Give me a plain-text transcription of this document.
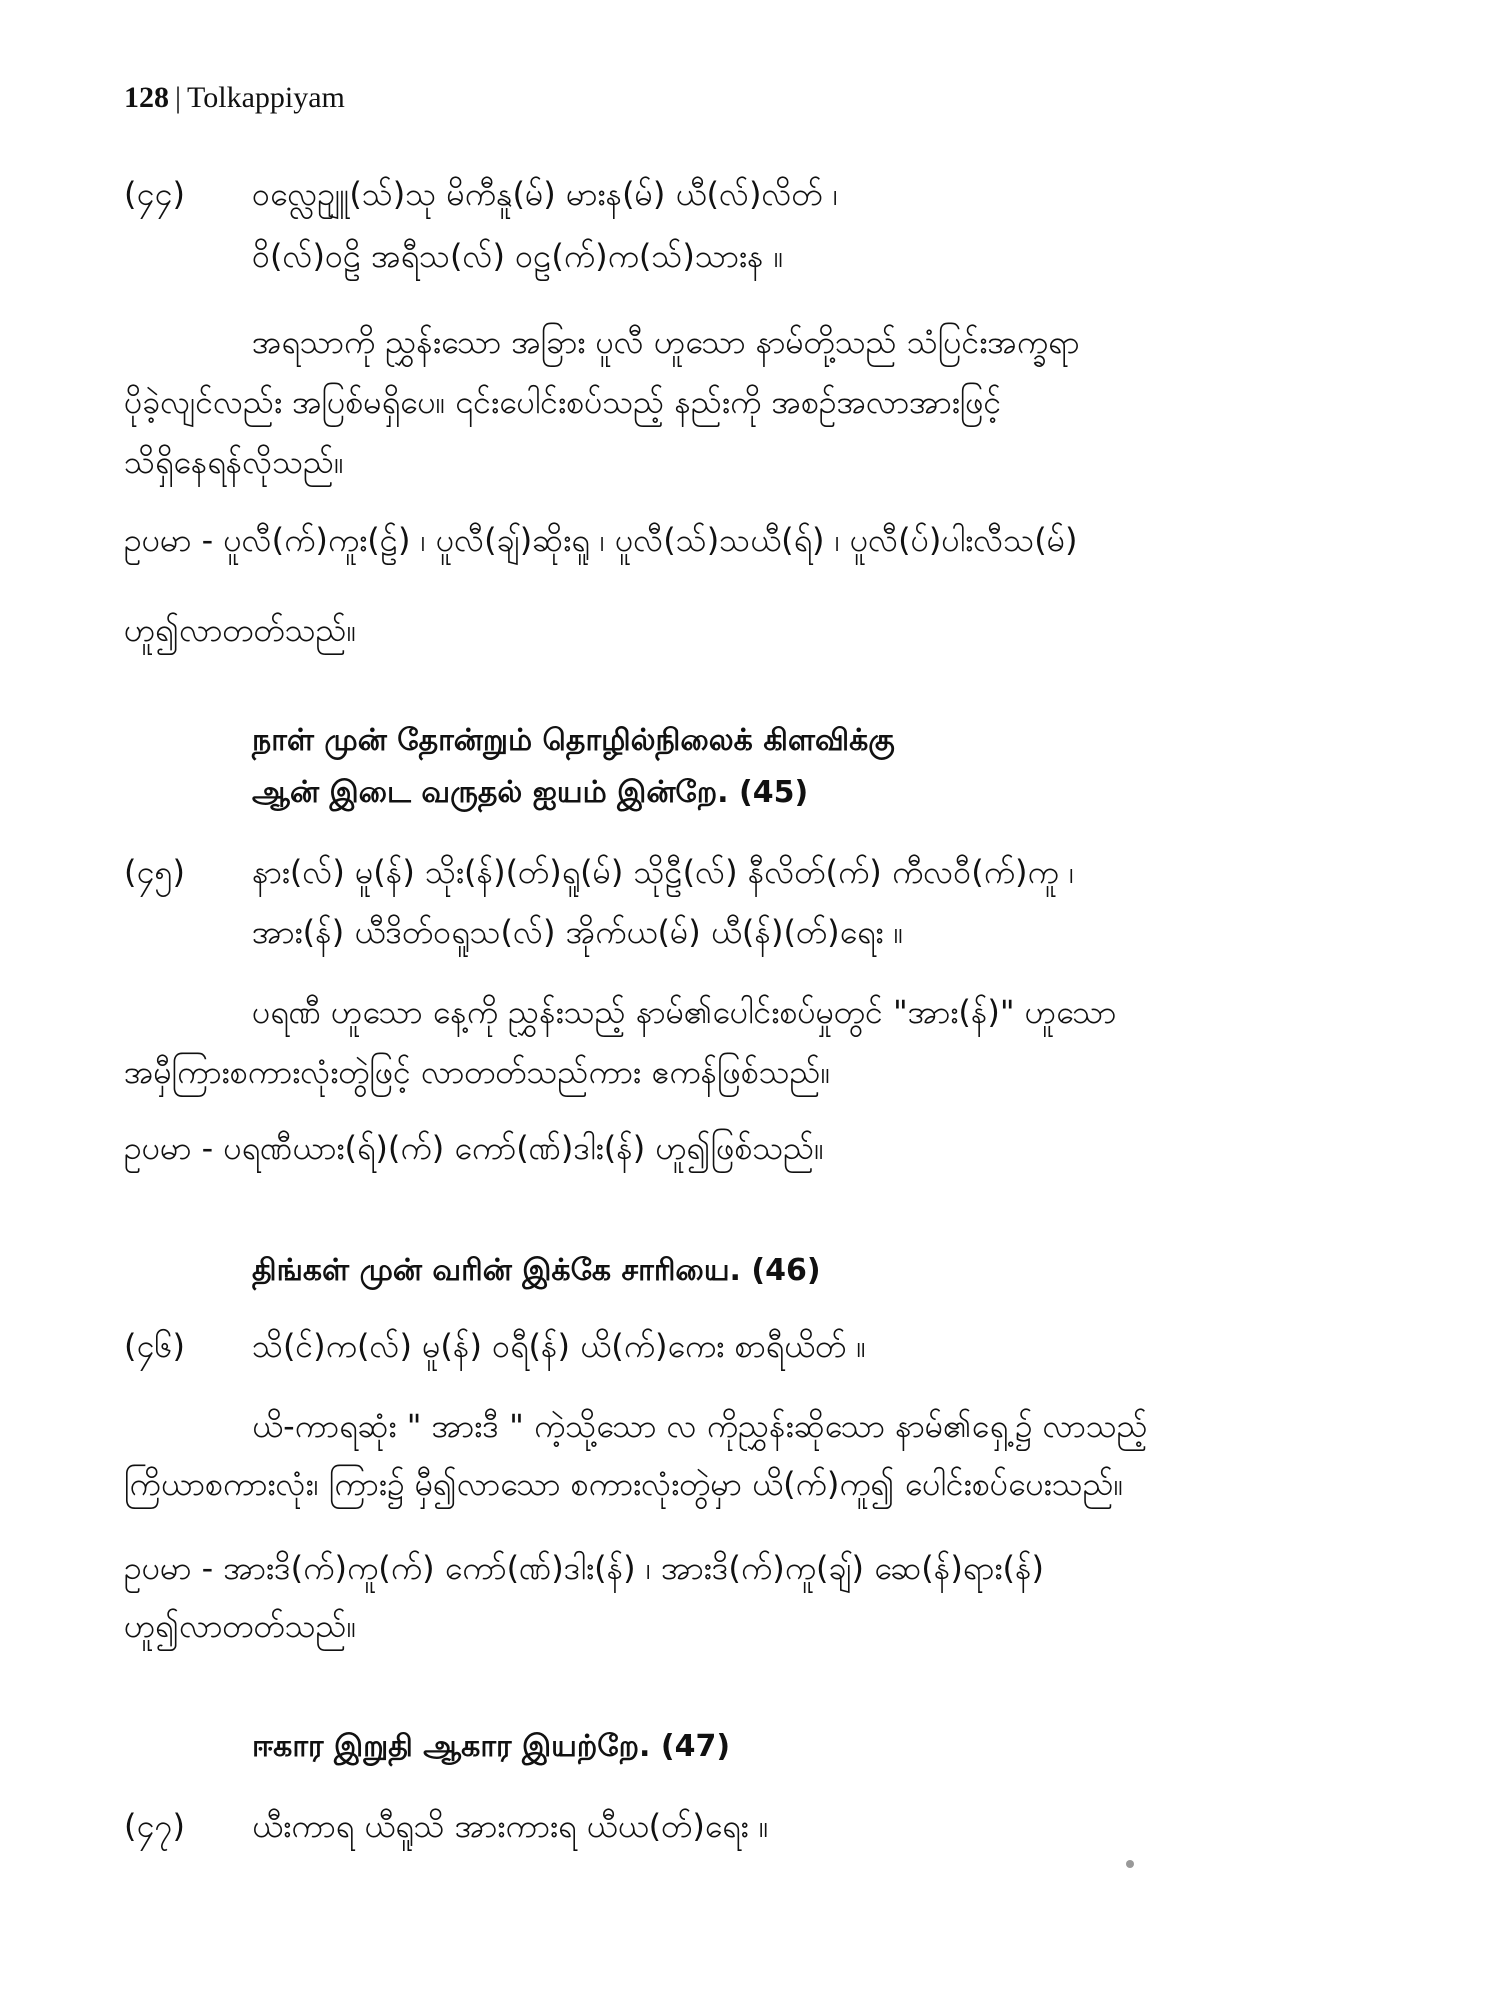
128 | Tolkappiyam
(၄၄) ဝလ္လေဥျူ(သ်)သု မိကီနူ(မ်) မားန(မ်) ယီ(လ်)လိတ် ၊
ဝိ(လ်)ဝဠိ အရီသ(လ်) ဝဠ(က်)က(သ်)သားန ။
အရသာကို ညွှန်းသော အခြား ပူလီ ဟူသော နာမ်တို့သည် သံပြင်းအက္ခရာ
ပိုခဲ့လျင်လည်း အပြစ်မရှိပေ။ ၎င်းပေါင်းစပ်သည့် နည်းကို အစဉ်အလာအားဖြင့်
သိရှိနေရန်လိုသည်။
ဥပမာ - ပူလီ(က်)ကူး(ဠ်) ၊ ပူလီ(ချ်)ဆိုးရူ ၊ ပူလီ(သ်)သယီ(ရ်) ၊ ပူလီ(ပ်)ပါးလီသ(မ်)
ဟူ၍လာတတ်သည်။
நாள் முன் தோன்றும் தொழில்நிலைக் கிளவிக்கு
ஆன் இடை வருதல் ஐயம் இன்றே. (45)
(၄၅) နား(လ်) မူ(န်) သိုး(န်)(တ်)ရူ(မ်) သိုဠီ(လ်) နီလိတ်(က်) ကီလဝီ(က်)ကူ ၊
အား(န်) ယီဒိတ်ဝရူသ(လ်) အိုက်ယ(မ်) ယီ(န်)(တ်)ရေး ။
ပရဏီ ဟူသော နေ့ကို ညွှန်းသည့် နာမ်၏ပေါင်းစပ်မှုတွင် "အား(န်)" ဟူသော
အမှီကြားစကားလုံးတွဲဖြင့် လာတတ်သည်ကား ဧကန်ဖြစ်သည်။
ဥပမာ - ပရဏီယား(ရ်)(က်) ကော်(ဏ်)ဒါး(န်) ဟူ၍ဖြစ်သည်။
திங்கள் முன் வரின் இக்கே சாரியை. (46)
(၄၆) သိ(င်)က(လ်) မူ(န်) ဝရီ(န်) ယိ(က်)ကေး စာရီယိတ် ။
ယိ-ကာရဆုံး " အားဒီ " ကဲ့သို့သော လ ကိုညွှန်းဆိုသော နာမ်၏ရှေ့၌ လာသည့်
ကြိယာစကားလုံး၊ ကြား၌ မှီ၍လာသော စကားလုံးတွဲမှာ ယိ(က်)ကူ၍ ပေါင်းစပ်ပေးသည်။
ဥပမာ - အားဒိ(က်)ကူ(က်) ကော်(ဏ်)ဒါး(န်) ၊ အားဒိ(က်)ကူ(ချ်) ဆေ(န်)ရား(န်)
ဟူ၍လာတတ်သည်။
ஈகார இறுதி ஆகார இயற்றே. (47)
(၄၇) ယီးကာရ ယီရူသိ အားကားရ ယီယ(တ်)ရေး ။
